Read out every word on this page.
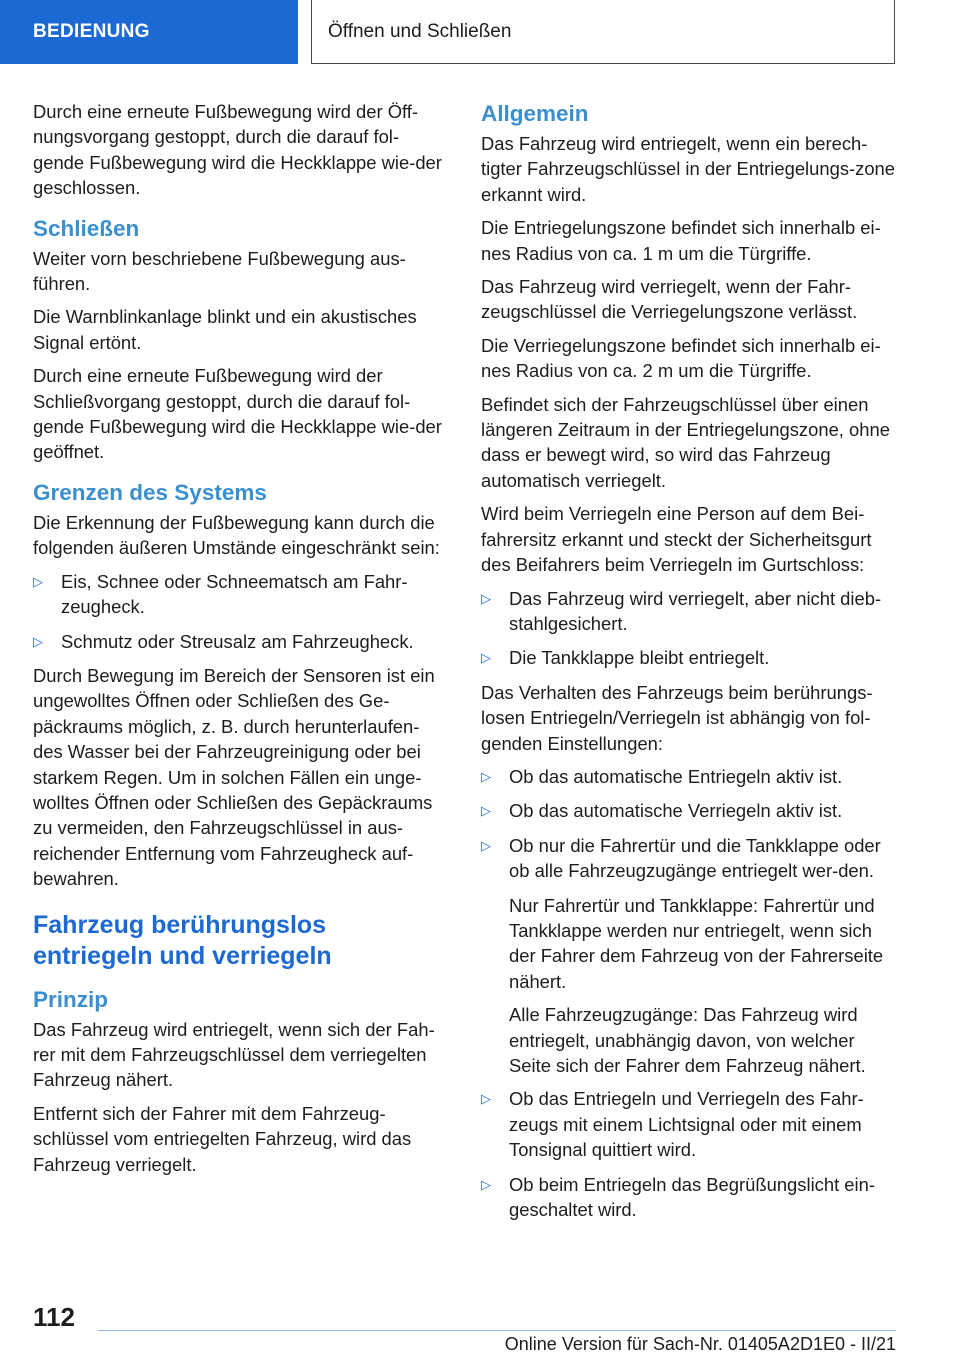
BEDIENUNG	Öffnen und Schließen

Durch eine erneute Fußbewegung wird der Öff‐nungsvorgang gestoppt, durch die darauf fol‐gende Fußbewegung wird die Heckklappe wie‐der geschlossen.

Schließen

Weiter vorn beschriebene Fußbewegung aus‐führen.

Die Warnblinkanlage blinkt und ein akustisches Signal ertönt.

Durch eine erneute Fußbewegung wird der Schließvorgang gestoppt, durch die darauf fol‐gende Fußbewegung wird die Heckklappe wie‐der geöffnet.

Grenzen des Systems

Die Erkennung der Fußbewegung kann durch die folgenden äußeren Umstände eingeschränkt sein:

▷ Eis, Schnee oder Schneematsch am Fahr‐zeugheck.
▷ Schmutz oder Streusalz am Fahrzeugheck.

Durch Bewegung im Bereich der Sensoren ist ein ungewolltes Öffnen oder Schließen des Ge‐päckraums möglich, z. B. durch herunterlaufen‐des Wasser bei der Fahrzeugreinigung oder bei starkem Regen. Um in solchen Fällen ein unge‐wolltes Öffnen oder Schließen des Gepäckraums zu vermeiden, den Fahrzeugschlüssel in aus‐reichender Entfernung vom Fahrzeugheck auf‐bewahren.

Fahrzeug berührungslos entriegeln und verriegeln
Prinzip

Das Fahrzeug wird entriegelt, wenn sich der Fah‐rer mit dem Fahrzeugschlüssel dem verriegelten Fahrzeug nähert.

Entfernt sich der Fahrer mit dem Fahrzeug‐schlüssel vom entriegelten Fahrzeug, wird das Fahrzeug verriegelt.

Allgemein

Das Fahrzeug wird entriegelt, wenn ein berech‐tigter Fahrzeugschlüssel in der Entriegelungs‐zone erkannt wird.

Die Entriegelungszone befindet sich innerhalb ei‐nes Radius von ca. 1 m um die Türgriffe.

Das Fahrzeug wird verriegelt, wenn der Fahr‐zeugschlüssel die Verriegelungszone verlässt.

Die Verriegelungszone befindet sich innerhalb ei‐nes Radius von ca. 2 m um die Türgriffe.

Befindet sich der Fahrzeugschlüssel über einen längeren Zeitraum in der Entriegelungszone, ohne dass er bewegt wird, so wird das Fahrzeug automatisch verriegelt.

Wird beim Verriegeln eine Person auf dem Bei‐fahrersitz erkannt und steckt der Sicherheitsgurt des Beifahrers beim Verriegeln im Gurtschloss:

▷ Das Fahrzeug wird verriegelt, aber nicht dieb‐stahlgesichert.
▷ Die Tankklappe bleibt entriegelt.

Das Verhalten des Fahrzeugs beim berührungs‐losen Entriegeln/Verriegeln ist abhängig von fol‐genden Einstellungen:

▷ Ob das automatische Entriegeln aktiv ist.
▷ Ob das automatische Verriegeln aktiv ist.
▷ Ob nur die Fahrertür und die Tankklappe oder ob alle Fahrzeugzugänge entriegelt wer‐den.

Nur Fahrertür und Tankklappe: Fahrertür und Tankklappe werden nur entriegelt, wenn sich der Fahrer dem Fahrzeug von der Fahrerseite nähert.

Alle Fahrzeugzugänge: Das Fahrzeug wird entriegelt, unabhängig davon, von welcher Seite sich der Fahrer dem Fahrzeug nähert.

▷ Ob das Entriegeln und Verriegeln des Fahr‐zeugs mit einem Lichtsignal oder mit einem Tonsignal quittiert wird.
▷ Ob beim Entriegeln das Begrüßungslicht ein‐geschaltet wird.
112
Online Version für Sach-Nr. 01405A2D1E0 - II/21
